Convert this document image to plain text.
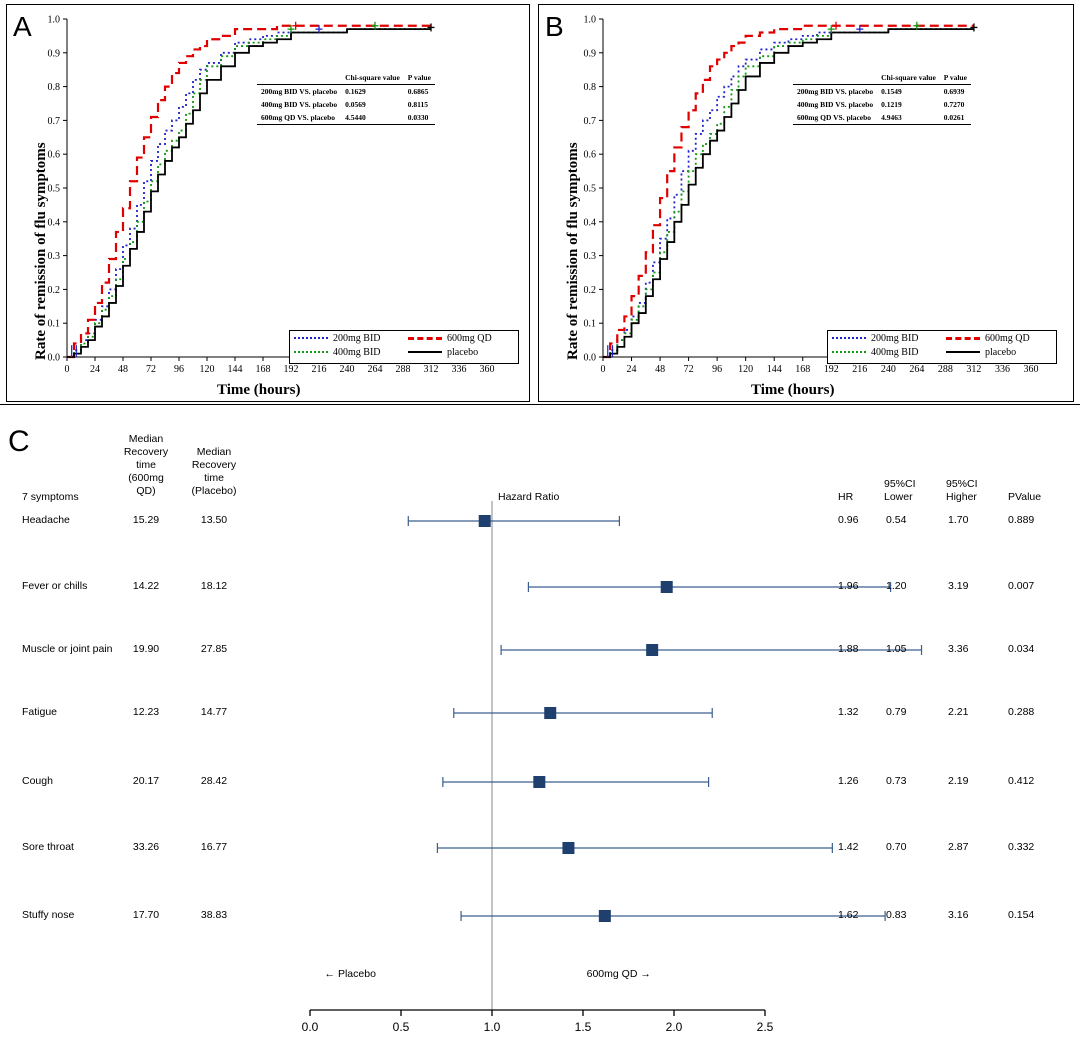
A
Rate of remission of flu symptoms
0 24 48 72 96 120 144 168 192 216 240 264 288 312 336 360
0.0
0.1
0.2
0.3
0.4
0.5
0.6
0.7
0.8
0.9
1.0
Time (hours)
	Chi-square value	P value
200mg BID VS. placebo	0.1629	0.6865
400mg BID VS. placebo	0.0569	0.8115
600mg QD VS. placebo	4.5440	0.0330
200mg BID	600mg QD
400mg BID	placebo
B
Rate of remission of flu symptoms
0 24 48 72 96 120 144 168 192 216 240 264 288 312 336 360
0.0
0.1
0.2
0.3
0.4
0.5
0.6
0.7
0.8
0.9
1.0
Time (hours)
	Chi-square value	P value
200mg BID VS. placebo	0.1549	0.6939
400mg BID VS. placebo	0.1219	0.7270
600mg QD VS. placebo	4.9463	0.0261
200mg BID	600mg QD
400mg BID	placebo
C
0.0	0.5	1.0	1.5	2.0	2.5
← Placebo	600mg QD →
7 symptoms
Median
Recovery
time
(600mg
QD)
Median
Recovery
time
(Placebo)	Hazard Ratio	HR
95%CI
Lower
95%CI
Higher	PValue
Headache	15.29	13.50	0.96	0.54	1.70	0.889
Fever or chills	14.22	18.12	1.96	1.20	3.19	0.007
Muscle or joint pain	19.90	27.85	1.88	1.05	3.36	0.034
Fatigue	12.23	14.77	1.32	0.79	2.21	0.288
Cough	20.17	28.42	1.26	0.73	2.19	0.412
Sore throat	33.26	16.77	1.42	0.70	2.87	0.332
Stuffy nose	17.70	38.83	1.62	0.83	3.16	0.154
